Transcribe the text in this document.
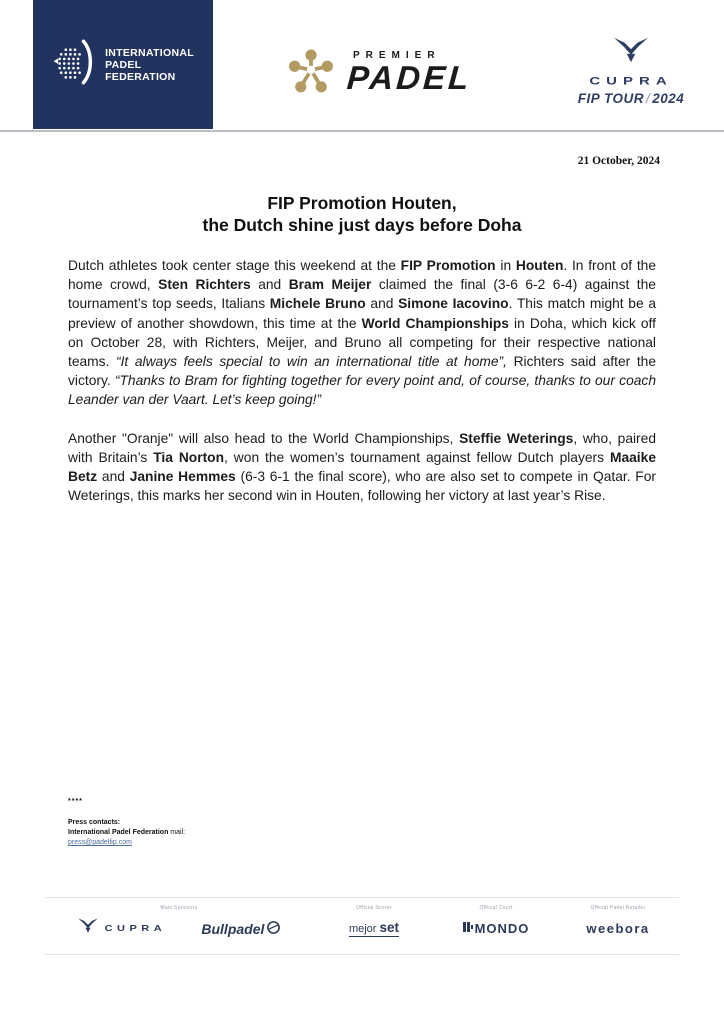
INTERNATIONAL
PADEL
FEDERATION
PREMIER
PADEL	CUPRA
FIP TOUR / 2024
21 October, 2024
FIP Promotion Houten,
the Dutch shine just days before Doha

Dutch athletes took center stage this weekend at the FIP Promotion in Houten. In front of the home crowd, Sten Richters and Bram Meijer claimed the final (3-6 6-2 6-4) against the tournament’s top seeds, Italians Michele Bruno and Simone Iacovino. This match might be a preview of another showdown, this time at the World Championships in Doha, which kick off on October 28, with Richters, Meijer, and Bruno all competing for their respective national teams. “It always feels special to win an international title at home”, Richters said after the victory. “Thanks to Bram for fighting together for every point and, of course, thanks to our coach Leander van der Vaart. Let’s keep going!”

Another "Oranje" will also head to the World Championships, Steffie Weterings, who, paired with Britain’s Tia Norton, won the women’s tournament against fellow Dutch players Maaike Betz and Janine Hemmes (6-3 6-1 the final score), who are also set to compete in Qatar. For Weterings, this marks her second win in Houten, following her victory at last year’s Rise.

****
Press contacts:
International Padel Federation mail:
press@padelfip.com
Main Sponsors
CUPRA	Bullpadel
Official Scorer
mejor set
Official Court
MONDO
Official Padel Retailer
weebora
